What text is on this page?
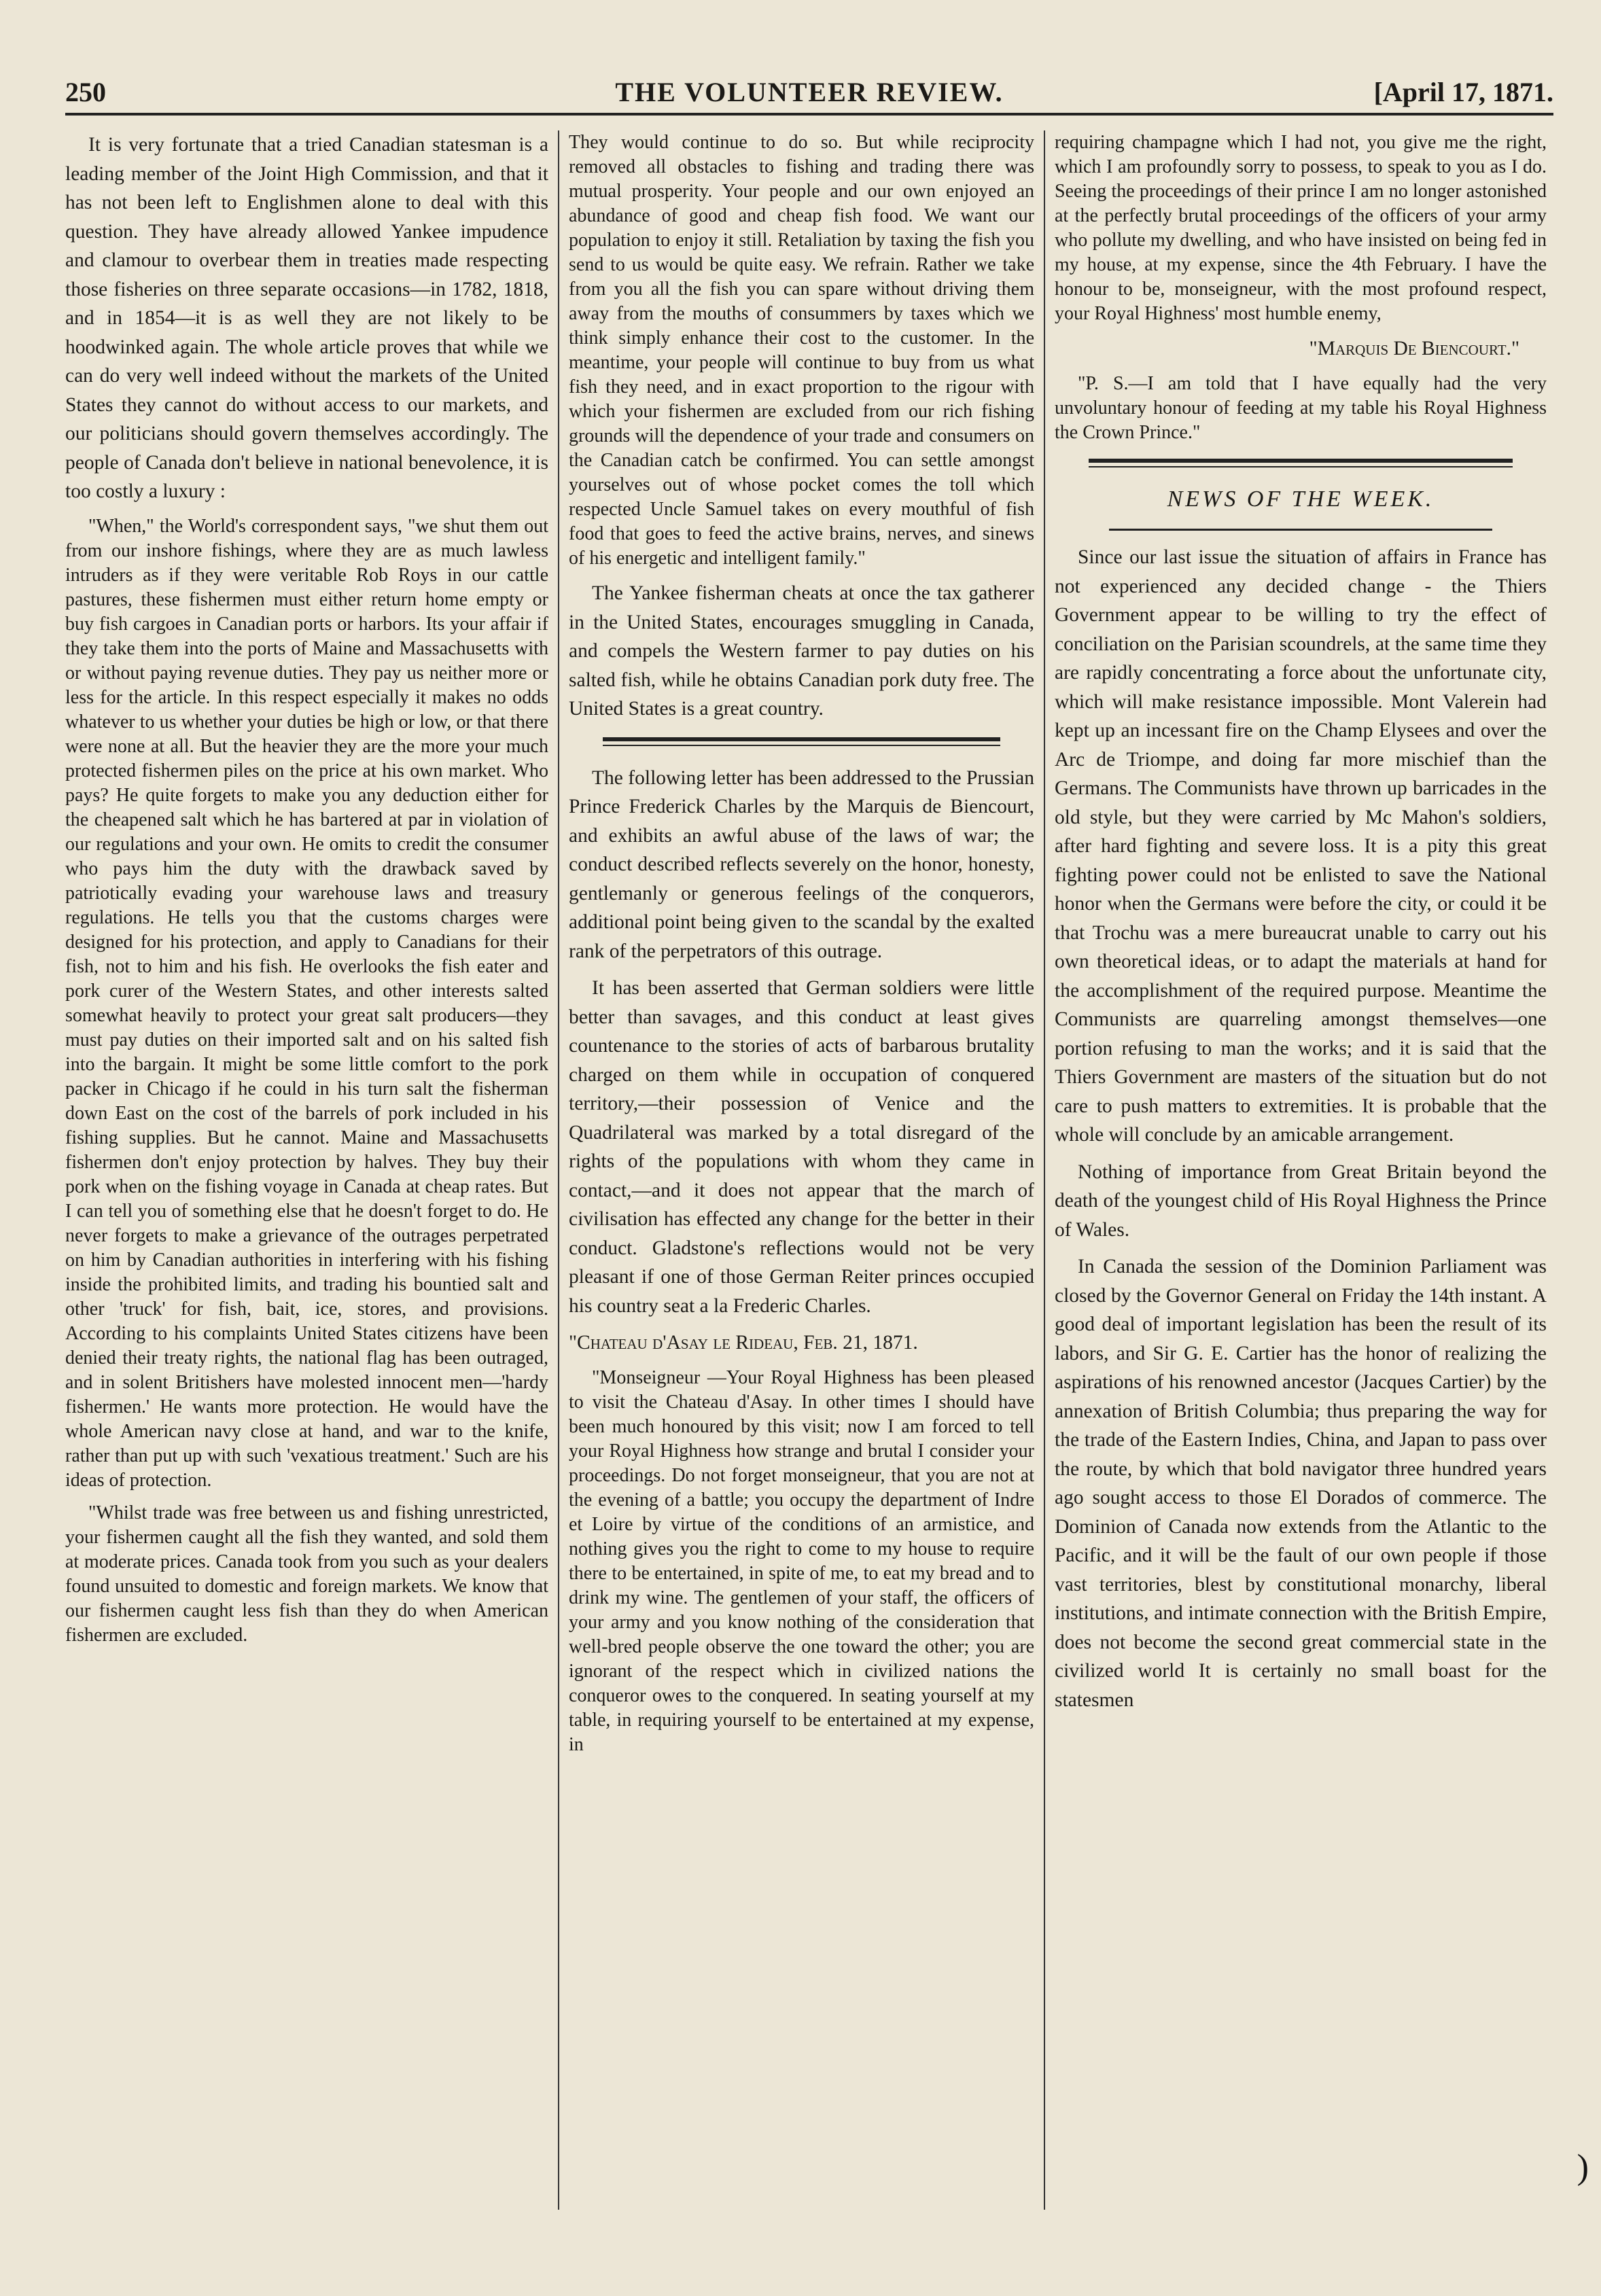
250	THE VOLUNTEER REVIEW.	[April 17, 1871.

It is very fortunate that a tried Canadian statesman is a leading member of the Joint High Commission, and that it has not been left to Englishmen alone to deal with this question. They have already allowed Yankee impudence and clamour to overbear them in treaties made respecting those fisheries on three separate occasions—in 1782, 1818, and in 1854—it is as well they are not likely to be hoodwinked again. The whole article proves that while we can do very well indeed without the markets of the United States they cannot do without access to our markets, and our politicians should govern themselves accordingly. The people of Canada don't believe in national benevolence, it is too costly a luxury :

"When," the World's correspondent says, "we shut them out from our inshore fishings, where they are as much lawless intruders as if they were veritable Rob Roys in our cattle pastures, these fishermen must either return home empty or buy fish cargoes in Canadian ports or harbors. Its your affair if they take them into the ports of Maine and Massachusetts with or without paying revenue duties. They pay us neither more or less for the article. In this respect especially it makes no odds whatever to us whether your duties be high or low, or that there were none at all. But the heavier they are the more your much protected fishermen piles on the price at his own market. Who pays? He quite forgets to make you any deduction either for the cheapened salt which he has bartered at par in violation of our regulations and your own. He omits to credit the consumer who pays him the duty with the drawback saved by patriotically evading your warehouse laws and treasury regulations. He tells you that the customs charges were designed for his protection, and apply to Canadians for their fish, not to him and his fish. He overlooks the fish eater and pork curer of the Western States, and other interests salted somewhat heavily to protect your great salt producers—they must pay duties on their imported salt and on his salted fish into the bargain. It might be some little comfort to the pork packer in Chicago if he could in his turn salt the fisherman down East on the cost of the barrels of pork included in his fishing supplies. But he cannot. Maine and Massachusetts fishermen don't enjoy protection by halves. They buy their pork when on the fishing voyage in Canada at cheap rates. But I can tell you of something else that he doesn't forget to do. He never forgets to make a grievance of the outrages perpetrated on him by Canadian authorities in interfering with his fishing inside the prohibited limits, and trading his bountied salt and other 'truck' for fish, bait, ice, stores, and provisions. According to his complaints United States citizens have been denied their treaty rights, the national flag has been outraged, and in solent Britishers have molested innocent men—'hardy fishermen.' He wants more protection. He would have the whole American navy close at hand, and war to the knife, rather than put up with such 'vexatious treatment.' Such are his ideas of protection.

"Whilst trade was free between us and fishing unrestricted, your fishermen caught all the fish they wanted, and sold them at moderate prices. Canada took from you such as your dealers found unsuited to domestic and foreign markets. We know that our fishermen caught less fish than they do when American fishermen are excluded.

They would continue to do so. But while reciprocity removed all obstacles to fishing and trading there was mutual prosperity. Your people and our own enjoyed an abundance of good and cheap fish food. We want our population to enjoy it still. Retaliation by taxing the fish you send to us would be quite easy. We refrain. Rather we take from you all the fish you can spare without driving them away from the mouths of consummers by taxes which we think simply enhance their cost to the customer. In the meantime, your people will continue to buy from us what fish they need, and in exact proportion to the rigour with which your fishermen are excluded from our rich fishing grounds will the dependence of your trade and consumers on the Canadian catch be confirmed. You can settle amongst yourselves out of whose pocket comes the toll which respected Uncle Samuel takes on every mouthful of fish food that goes to feed the active brains, nerves, and sinews of his energetic and intelligent family."

The Yankee fisherman cheats at once the tax gatherer in the United States, encourages smuggling in Canada, and compels the Western farmer to pay duties on his salted fish, while he obtains Canadian pork duty free. The United States is a great country.

The following letter has been addressed to the Prussian Prince Frederick Charles by the Marquis de Biencourt, and exhibits an awful abuse of the laws of war; the conduct described reflects severely on the honor, honesty, gentlemanly or generous feelings of the conquerors, additional point being given to the scandal by the exalted rank of the perpetrators of this outrage.

It has been asserted that German soldiers were little better than savages, and this conduct at least gives countenance to the stories of acts of barbarous brutality charged on them while in occupation of conquered territory,—their possession of Venice and the Quadrilateral was marked by a total disregard of the rights of the populations with whom they came in contact,—and it does not appear that the march of civilisation has effected any change for the better in their conduct. Gladstone's reflections would not be very pleasant if one of those German Reiter princes occupied his country seat a la Frederic Charles.

"Chateau d'Asay le Rideau, Feb. 21, 1871.

"Monseigneur —Your Royal Highness has been pleased to visit the Chateau d'Asay. In other times I should have been much honoured by this visit; now I am forced to tell your Royal Highness how strange and brutal I consider your proceedings. Do not forget monseigneur, that you are not at the evening of a battle; you occupy the department of Indre et Loire by virtue of the conditions of an armistice, and nothing gives you the right to come to my house to require there to be entertained, in spite of me, to eat my bread and to drink my wine. The gentlemen of your staff, the officers of your army and you know nothing of the consideration that well-bred people observe the one toward the other; you are ignorant of the respect which in civilized nations the conqueror owes to the conquered. In seating yourself at my table, in requiring yourself to be entertained at my expense, in

requiring champagne which I had not, you give me the right, which I am profoundly sorry to possess, to speak to you as I do. Seeing the proceedings of their prince I am no longer astonished at the perfectly brutal proceedings of the officers of your army who pollute my dwelling, and who have insisted on being fed in my house, at my expense, since the 4th February. I have the honour to be, monseigneur, with the most profound respect, your Royal Highness' most humble enemy,

"Marquis De Biencourt."

"P. S.—I am told that I have equally had the very unvoluntary honour of feeding at my table his Royal Highness the Crown Prince."

NEWS OF THE WEEK.

Since our last issue the situation of affairs in France has not experienced any decided change - the Thiers Government appear to be willing to try the effect of conciliation on the Parisian scoundrels, at the same time they are rapidly concentrating a force about the unfortunate city, which will make resistance impossible. Mont Valerein had kept up an incessant fire on the Champ Elysees and over the Arc de Triompe, and doing far more mischief than the Germans. The Communists have thrown up barricades in the old style, but they were carried by Mc Mahon's soldiers, after hard fighting and severe loss. It is a pity this great fighting power could not be enlisted to save the National honor when the Germans were before the city, or could it be that Trochu was a mere bureaucrat unable to carry out his own theoretical ideas, or to adapt the materials at hand for the accomplishment of the required purpose. Meantime the Communists are quarreling amongst themselves—one portion refusing to man the works; and it is said that the Thiers Government are masters of the situation but do not care to push matters to extremities. It is probable that the whole will conclude by an amicable arrangement.

Nothing of importance from Great Britain beyond the death of the youngest child of His Royal Highness the Prince of Wales.

In Canada the session of the Dominion Parliament was closed by the Governor General on Friday the 14th instant. A good deal of important legislation has been the result of its labors, and Sir G. E. Cartier has the honor of realizing the aspirations of his renowned ancestor (Jacques Cartier) by the annexation of British Columbia; thus preparing the way for the trade of the Eastern Indies, China, and Japan to pass over the route, by which that bold navigator three hundred years ago sought access to those El Dorados of commerce. The Dominion of Canada now extends from the Atlantic to the Pacific, and it will be the fault of our own people if those vast territories, blest by constitutional monarchy, liberal institutions, and intimate connection with the British Empire, does not become the second great commercial state in the civilized world It is certainly no small boast for the statesmen

)
